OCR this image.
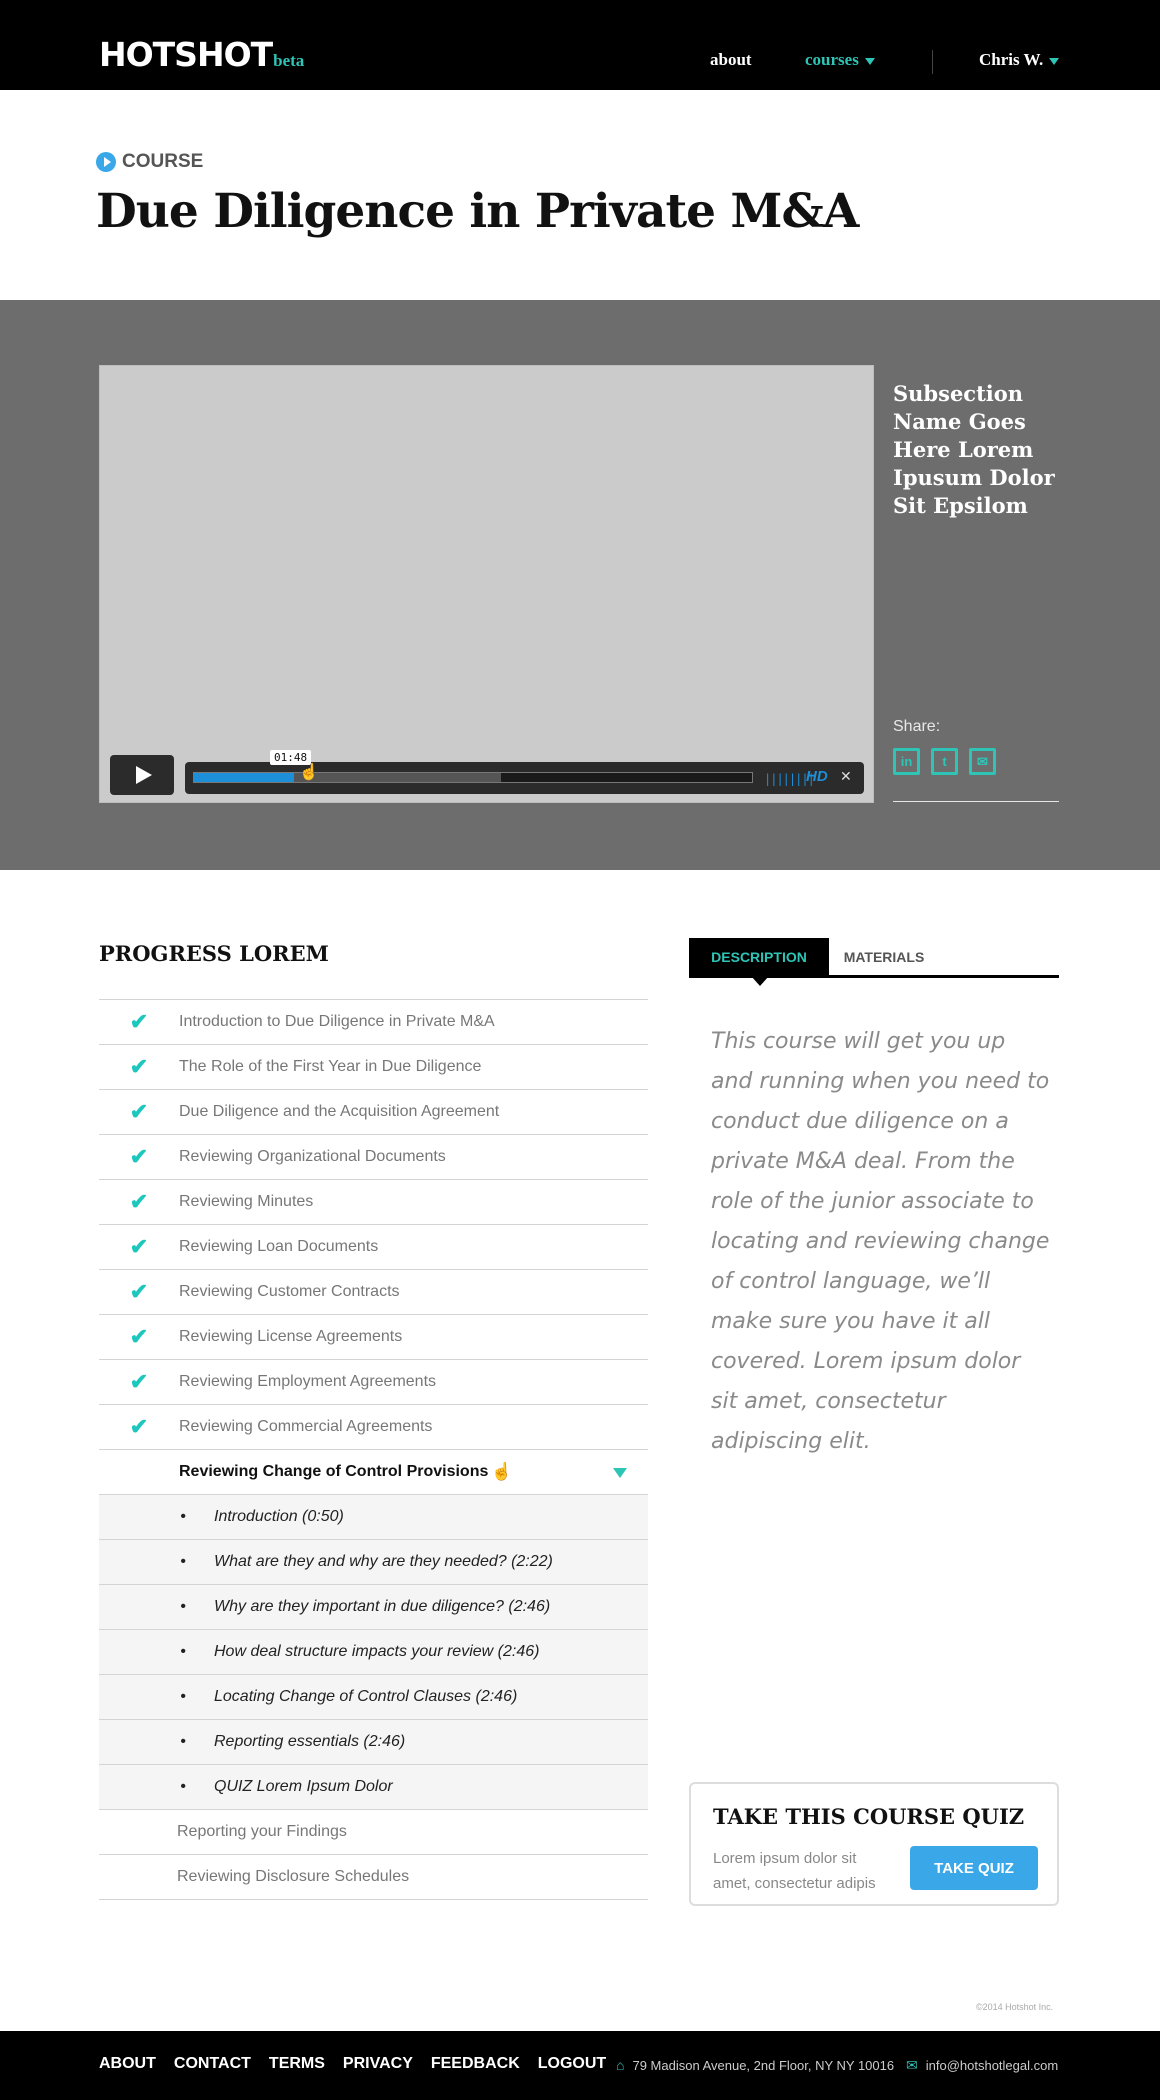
HOTSHOTbeta	about	courses	Chris W.
COURSE
Due Diligence in Private M&A
01:48
☝	||||||||
HD ✕
Subsection Name Goes Here Lorem Ipusum Dolor Sit Epsilom
Share:
in	t	✉
PROGRESS LOREM
✔	Introduction to Due Diligence in Private M&A
✔	The Role of the First Year in Due Diligence
✔	Due Diligence and the Acquisition Agreement
✔	Reviewing Organizational Documents
✔	Reviewing Minutes
✔	Reviewing Loan Documents
✔	Reviewing Customer Contracts
✔	Reviewing License Agreements
✔	Reviewing Employment Agreements
✔	Reviewing Commercial Agreements
Reviewing Change of Control Provisions ☝
•	Introduction (0:50)
•	What are they and why are they needed? (2:22)
•	Why are they important in due diligence? (2:46)
•	How deal structure impacts your review (2:46)
•	Locating Change of Control Clauses (2:46)
•	Reporting essentials (2:46)
•	QUIZ Lorem Ipsum Dolor
Reporting your Findings
Reviewing Disclosure Schedules
DESCRIPTION	MATERIALS

This course will get you up and running when you need to conduct due diligence on a private M&A deal. From the role of the junior associate to locating and reviewing change of control language, we’ll make sure you have it all covered. Lorem ipsum dolor sit amet, consectetur adipiscing elit.

TAKE THIS COURSE QUIZ
Lorem ipsum dolor sit amet, consectetur adipis
TAKE QUIZ
©2014 Hotshot Inc.
ABOUT CONTACT TERMS PRIVACY FEEDBACK LOGOUT ⌂ 79 Madison Avenue, 2nd Floor, NY NY 10016 ✉ info@hotshotlegal.com
